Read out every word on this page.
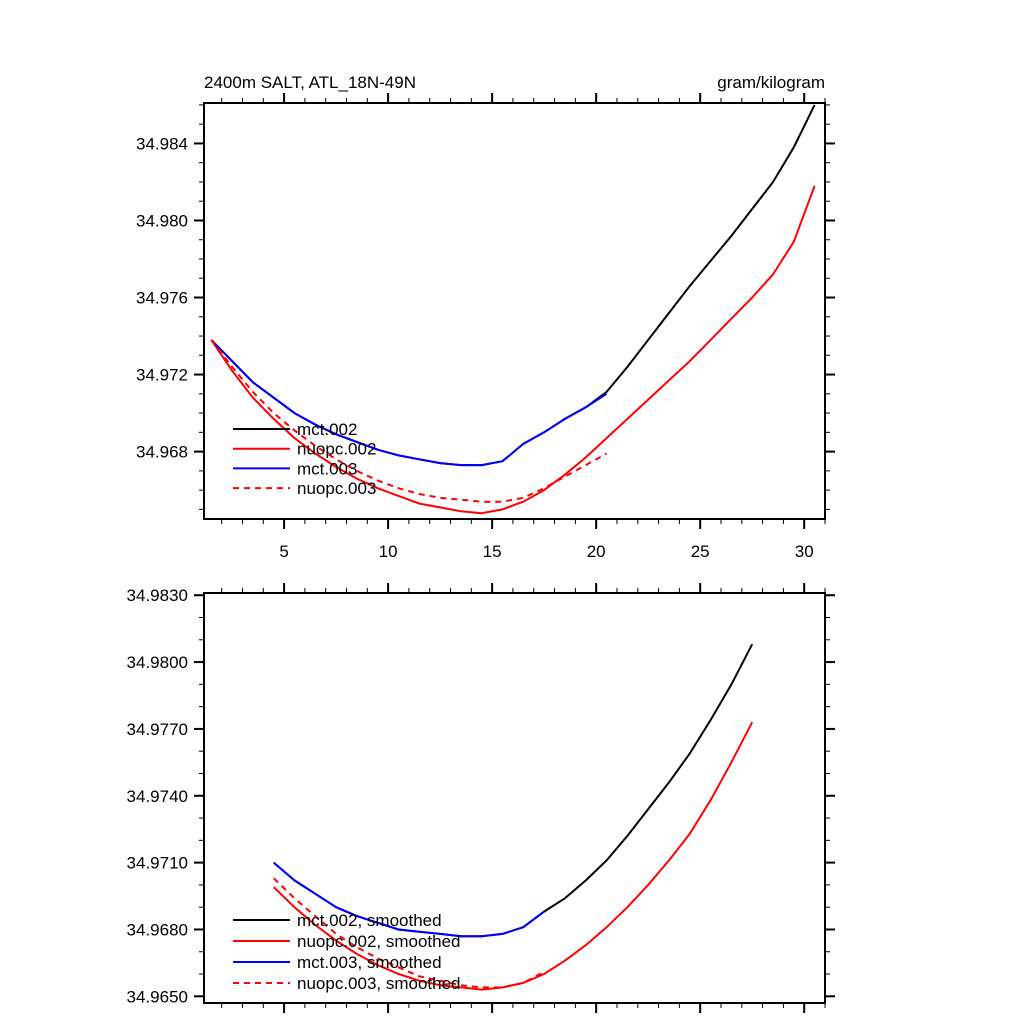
5	10	15	20	25	30
34.968
34.972
34.976
34.980
34.984
2400m SALT, ATL_18N-49N	gram/kilogram
mct.002
nuopc.002
mct.003
nuopc.003
34.9650
34.9680
34.9710
34.9740
34.9770
34.9800
34.9830
mct.002, smoothed
nuopc.002, smoothed
mct.003, smoothed
nuopc.003, smoothed
